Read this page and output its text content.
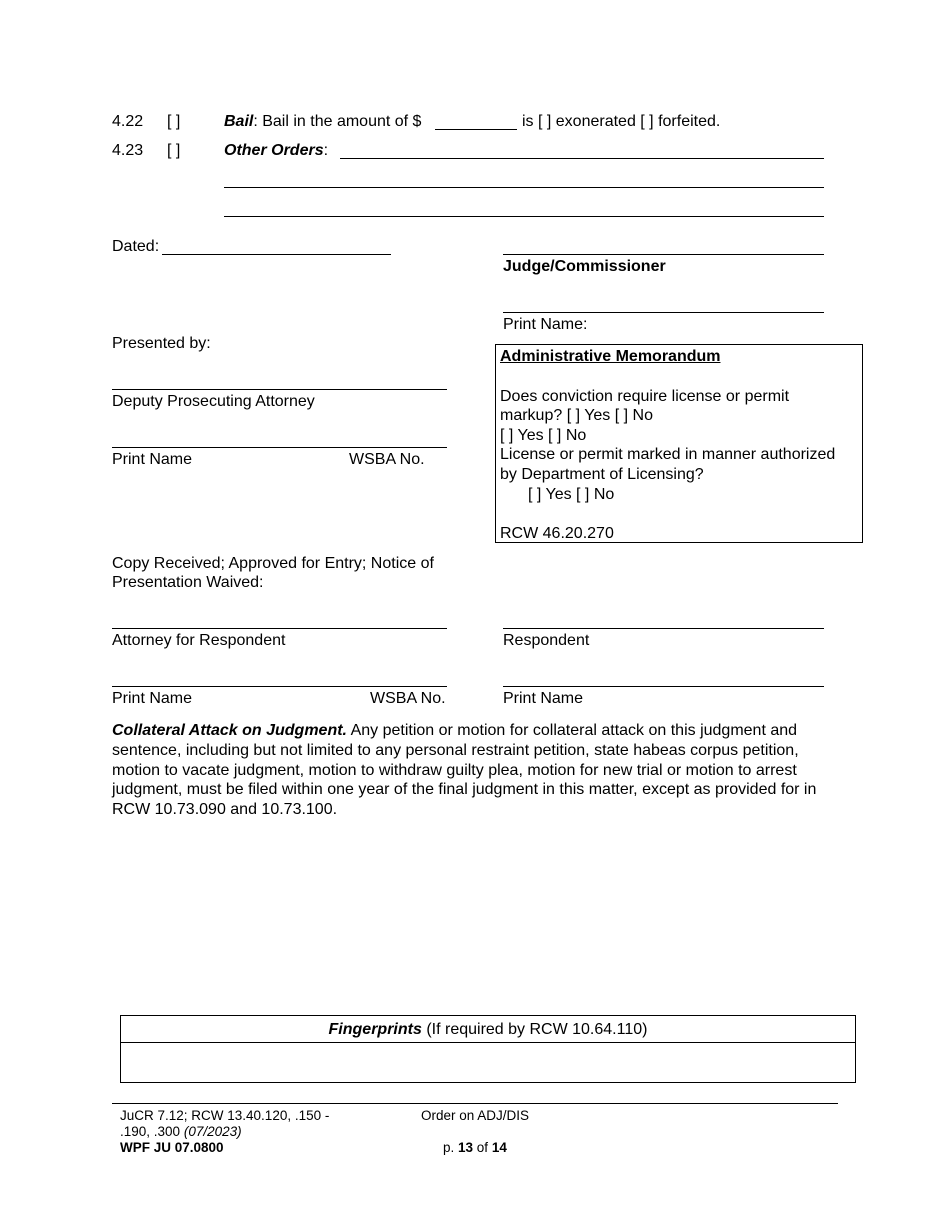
4.22 [ ]	Bail: Bail in the amount of $	is [ ] exonerated [ ] forfeited.
4.23 [ ]	Other Orders:
Dated:
Judge/Commissioner
Print Name:
Presented by:
Deputy Prosecuting Attorney
Print Name	WSBA No.
Administrative Memorandum
Does conviction require license or permit
markup? [ ] Yes [ ] No
[ ] Yes [ ] No
License or permit marked in manner authorized
by Department of Licensing?
[ ] Yes [ ] No
RCW 46.20.270
Copy Received; Approved for Entry; Notice of
Presentation Waived:
Attorney for Respondent	Respondent
Print Name	WSBA No.	Print Name
Collateral Attack on Judgment. Any petition or motion for collateral attack on this judgment and sentence, including but not limited to any personal restraint petition, state habeas corpus petition, motion to vacate judgment, motion to withdraw guilty plea, motion for new trial or motion to arrest judgment, must be filed within one year of the final judgment in this matter, except as provided for in RCW 10.73.090 and 10.73.100.
Fingerprints (If required by RCW 10.64.110)
JuCR 7.12; RCW 13.40.120, .150 -
.190, .300 (07/2023)
WPF JU 07.0800
Order on ADJ/DIS
p. 13 of 14
